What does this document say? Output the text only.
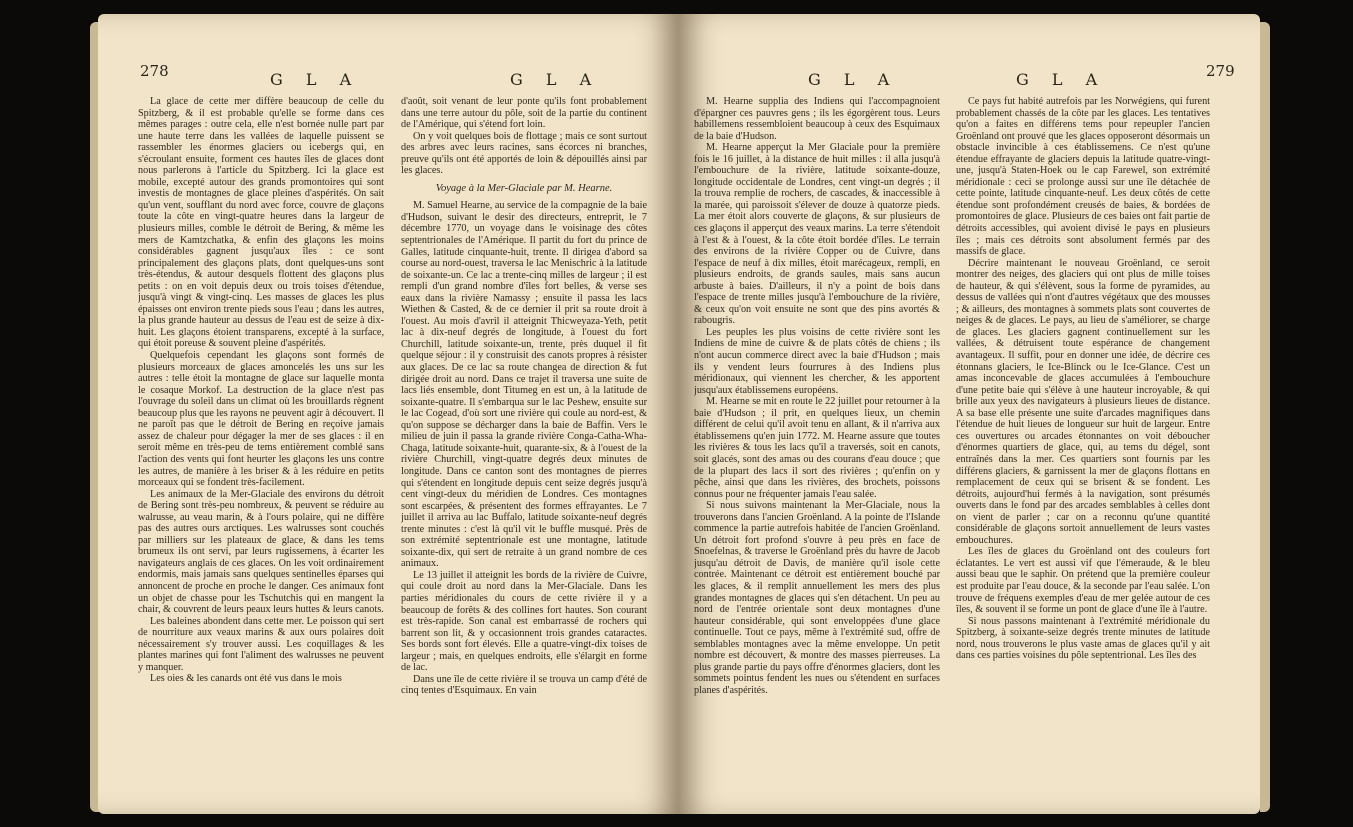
278	G L A	G L A

La glace de cette mer diffère beaucoup de celle du Spitzberg, & il est probable qu'elle se forme dans ces mêmes parages : outre cela, elle n'est bornée nulle part par une haute terre dans les vallées de laquelle puissent se rassembler les énormes glaciers ou icebergs qui, en s'écroulant ensuite, forment ces hautes îles de glaces dont nous parlerons à l'article du Spitzberg. Ici la glace est mobile, excepté autour des grands promontoires qui sont investis de montagnes de glace pleines d'aspérités. On sait qu'un vent, soufflant du nord avec force, couvre de glaçons toute la côte en vingt-quatre heures dans la largeur de plusieurs milles, comble le détroit de Bering, & même les mers de Kamtzchatka, & enfin des glaçons les moins considérables gagnent jusqu'aux îles : ce sont principalement des glaçons plats, dont quelques-uns sont très-étendus, & autour desquels flottent des glaçons plus petits : on en voit depuis deux ou trois toises d'étendue, jusqu'à vingt & vingt-cinq. Les masses de glaces les plus épaisses ont environ trente pieds sous l'eau ; dans les autres, la plus grande hauteur au dessus de l'eau est de seize à dix-huit. Les glaçons étoient transparens, excepté à la surface, qui étoit poreuse & souvent pleine d'aspérités.

Quelquefois cependant les glaçons sont formés de plusieurs morceaux de glaces amoncelés les uns sur les autres : telle étoit la montagne de glace sur laquelle monta le cosaque Morkof. La destruction de la glace n'est pas l'ouvrage du soleil dans un climat où les brouillards règnent beaucoup plus que les rayons ne peuvent agir à découvert. Il ne paroît pas que le détroit de Bering en reçoive jamais assez de chaleur pour dégager la mer de ses glaces : il en seroit même en très-peu de tems entièrement comblé sans l'action des vents qui font heurter les glaçons les uns contre les autres, de manière à les briser & à les réduire en petits morceaux qui se fondent très-facilement.

Les animaux de la Mer-Glaciale des environs du détroit de Bering sont très-peu nombreux, & peuvent se réduire au walrusse, au veau marin, & à l'ours polaire, qui ne diffère pas des autres ours arctiques. Les walrusses sont couchés par milliers sur les plateaux de glace, & dans les tems brumeux ils ont servi, par leurs rugissemens, à écarter les navigateurs anglais de ces glaces. On les voit ordinairement endormis, mais jamais sans quelques sentinelles éparses qui annoncent de proche en proche le danger. Ces animaux font un objet de chasse pour les Tschutchis qui en mangent la chair, & couvrent de leurs peaux leurs huttes & leurs canots.

Les baleines abondent dans cette mer. Le poisson qui sert de nourriture aux veaux marins & aux ours polaires doit nécessairement s'y trouver aussi. Les coquillages & les plantes marines qui font l'aliment des walrusses ne peuvent y manquer.

Les oies & les canards ont été vus dans le mois

d'août, soit venant de leur ponte qu'ils font probablement dans une terre autour du pôle, soit de la partie du continent de l'Amérique, qui s'étend fort loin.

On y voit quelques bois de flottage ; mais ce sont surtout des arbres avec leurs racines, sans écorces ni branches, preuve qu'ils ont été apportés de loin & dépouillés ainsi par les glaces.

Voyage à la Mer-Glaciale par M. Hearne.

M. Samuel Hearne, au service de la compagnie de la baie d'Hudson, suivant le desir des directeurs, entreprit, le 7 décembre 1770, un voyage dans le voisinage des côtes septentrionales de l'Amérique. Il partit du fort du prince de Galles, latitude cinquante-huit, trente. Il dirigea d'abord sa course au nord-ouest, traversa le lac Menischric à la latitude de soixante-un. Ce lac a trente-cinq milles de largeur ; il est rempli d'un grand nombre d'îles fort belles, & verse ses eaux dans la rivière Namassy ; ensuite il passa les lacs Wiethen & Casted, & de ce dernier il prit sa route droit à l'ouest. Au mois d'avril il atteignit Thicweyaza-Yeth, petit lac à dix-neuf degrés de longitude, à l'ouest du fort Churchill, latitude soixante-un, trente, près duquel il fit quelque séjour : il y construisit des canots propres à résister aux glaces. De ce lac sa route changea de direction & fut dirigée droit au nord. Dans ce trajet il traversa une suite de lacs liés ensemble, dont Titumeg en est un, à la latitude de soixante-quatre. Il s'embarqua sur le lac Peshew, ensuite sur le lac Cogead, d'où sort une rivière qui coule au nord-est, & qu'on suppose se décharger dans la baie de Baffin. Vers le milieu de juin il passa la grande rivière Conga-Catha-Wha-Chaga, latitude soixante-huit, quarante-six, & à l'ouest de la rivière Churchill, vingt-quatre degrés deux minutes de longitude. Dans ce canton sont des montagnes de pierres qui s'étendent en longitude depuis cent seize degrés jusqu'à cent vingt-deux du méridien de Londres. Ces montagnes sont escarpées, & présentent des formes effrayantes. Le 7 juillet il arriva au lac Buffalo, latitude soixante-neuf degrés trente minutes : c'est là qu'il vit le buffle musqué. Près de son extrémité septentrionale est une montagne, latitude soixante-dix, qui sert de retraite à un grand nombre de ces animaux.

Le 13 juillet il atteignit les bords de la rivière de Cuivre, qui coule droit au nord dans la Mer-Glaciale. Dans les parties méridionales du cours de cette rivière il y a beaucoup de forêts & des collines fort hautes. Son courant est très-rapide. Son canal est embarrassé de rochers qui barrent son lit, & y occasionnent trois grandes cataractes. Ses bords sont fort élevés. Elle a quatre-vingt-dix toises de largeur ; mais, en quelques endroits, elle s'élargit en forme de lac.

Dans une île de cette rivière il se trouva un camp d'été de cinq tentes d'Esquimaux. En vain

G L A	G L A	279

M. Hearne supplia des Indiens qui l'accompagnoient d'épargner ces pauvres gens ; ils les égorgèrent tous. Leurs habillemens ressembloient beaucoup à ceux des Esquimaux de la baie d'Hudson.

M. Hearne apperçut la Mer Glaciale pour la première fois le 16 juillet, à la distance de huit milles : il alla jusqu'à l'embouchure de la rivière, latitude soixante-douze, longitude occidentale de Londres, cent vingt-un degrés ; il la trouva remplie de rochers, de cascades, & inaccessible à la marée, qui paroissoit s'élever de douze à quatorze pieds. La mer étoit alors couverte de glaçons, & sur plusieurs de ces glaçons il apperçut des veaux marins. La terre s'étendoit à l'est & à l'ouest, & la côte étoit bordée d'îles. Le terrain des environs de la rivière Copper ou de Cuivre, dans l'espace de neuf à dix milles, étoit marécageux, rempli, en plusieurs endroits, de grands saules, mais sans aucun arbuste à baies. D'ailleurs, il n'y a point de bois dans l'espace de trente milles jusqu'à l'embouchure de la rivière, & ceux qu'on voit ensuite ne sont que des pins avortés & rabougris.

Les peuples les plus voisins de cette rivière sont les Indiens de mine de cuivre & de plats côtés de chiens ; ils n'ont aucun commerce direct avec la baie d'Hudson ; mais ils y vendent leurs fourrures à des Indiens plus méridionaux, qui viennent les chercher, & les apportent jusqu'aux établissemens européens.

M. Hearne se mit en route le 22 juillet pour retourner à la baie d'Hudson ; il prit, en quelques lieux, un chemin différent de celui qu'il avoit tenu en allant, & il n'arriva aux établissemens qu'en juin 1772. M. Hearne assure que toutes les rivières & tous les lacs qu'il a traversés, soit en canots, soit glacés, sont des amas ou des courans d'eau douce ; que de la plupart des lacs il sort des rivières ; qu'enfin on y pêche, ainsi que dans les rivières, des brochets, poissons connus pour ne fréquenter jamais l'eau salée.

Si nous suivons maintenant la Mer-Glaciale, nous la trouverons dans l'ancien Groënland. A la pointe de l'Islande commence la partie autrefois habitée de l'ancien Groënland. Un détroit fort profond s'ouvre à peu près en face de Snoefelnas, & traverse le Groënland près du havre de Jacob jusqu'au détroit de Davis, de manière qu'il isole cette contrée. Maintenant ce détroit est entièrement bouché par les glaces, & il remplit annuellement les mers des plus grandes montagnes de glaces qui s'en détachent. Un peu au nord de l'entrée orientale sont deux montagnes d'une hauteur considérable, qui sont enveloppées d'une glace continuelle. Tout ce pays, même à l'extrémité sud, offre de semblables montagnes avec la même enveloppe. Un petit nombre est découvert, & montre des masses pierreuses. La plus grande partie du pays offre d'énormes glaciers, dont les sommets pointus fendent les nues ou s'étendent en surfaces planes d'aspérités.

Ce pays fut habité autrefois par les Norwégiens, qui furent probablement chassés de la côte par les glaces. Les tentatives qu'on a faites en différens tems pour repeupler l'ancien Groënland ont prouvé que les glaces opposeront désormais un obstacle invincible à ces établissemens. Ce n'est qu'une étendue effrayante de glaciers depuis la latitude quatre-vingt-une, jusqu'à Staten-Hoek ou le cap Farewel, son extrémité méridionale : ceci se prolonge aussi sur une île détachée de cette pointe, latitude cinquante-neuf. Les deux côtés de cette étendue sont profondément creusés de baies, & bordées de promontoires de glace. Plusieurs de ces baies ont fait partie de détroits accessibles, qui avoient divisé le pays en plusieurs îles ; mais ces détroits sont absolument fermés par des massifs de glace.

Décrire maintenant le nouveau Groënland, ce seroit montrer des neiges, des glaciers qui ont plus de mille toises de hauteur, & qui s'élèvent, sous la forme de pyramides, au dessus de vallées qui n'ont d'autres végétaux que des mousses ; & ailleurs, des montagnes à sommets plats sont couvertes de neiges & de glaces. Le pays, au lieu de s'améliorer, se charge de glaces. Les glaciers gagnent continuellement sur les vallées, & détruisent toute espérance de changement avantageux. Il suffit, pour en donner une idée, de décrire ces étonnans glaciers, le Ice-Blinck ou le Ice-Glance. C'est un amas inconcevable de glaces accumulées à l'embouchure d'une petite baie qui s'élève à une hauteur incroyable, & qui brille aux yeux des navigateurs à plusieurs lieues de distance. A sa base elle présente une suite d'arcades magnifiques dans l'étendue de huit lieues de longueur sur huit de largeur. Entre ces ouvertures ou arcades étonnantes on voit déboucher d'énormes quartiers de glace, qui, au tems du dégel, sont entraînés dans la mer. Ces quartiers sont fournis par les différens glaciers, & garnissent la mer de glaçons flottans en remplacement de ceux qui se brisent & se fondent. Les détroits, aujourd'hui fermés à la navigation, sont présumés ouverts dans le fond par des arcades semblables à celles dont on vient de parler ; car on a reconnu qu'une quantité considérable de glaçons sortoit annuellement de leurs vastes embouchures.

Les îles de glaces du Groënland ont des couleurs fort éclatantes. Le vert est aussi vif que l'émeraude, & le bleu aussi beau que le saphir. On prétend que la première couleur est produite par l'eau douce, & la seconde par l'eau salée. L'on trouve de fréquens exemples d'eau de mer gelée autour de ces îles, & souvent il se forme un pont de glace d'une île à l'autre.

Si nous passons maintenant à l'extrémité méridionale du Spitzberg, à soixante-seize degrés trente minutes de latitude nord, nous trouverons le plus vaste amas de glaces qu'il y ait dans ces parties voisines du pôle septentrional. Les îles des
